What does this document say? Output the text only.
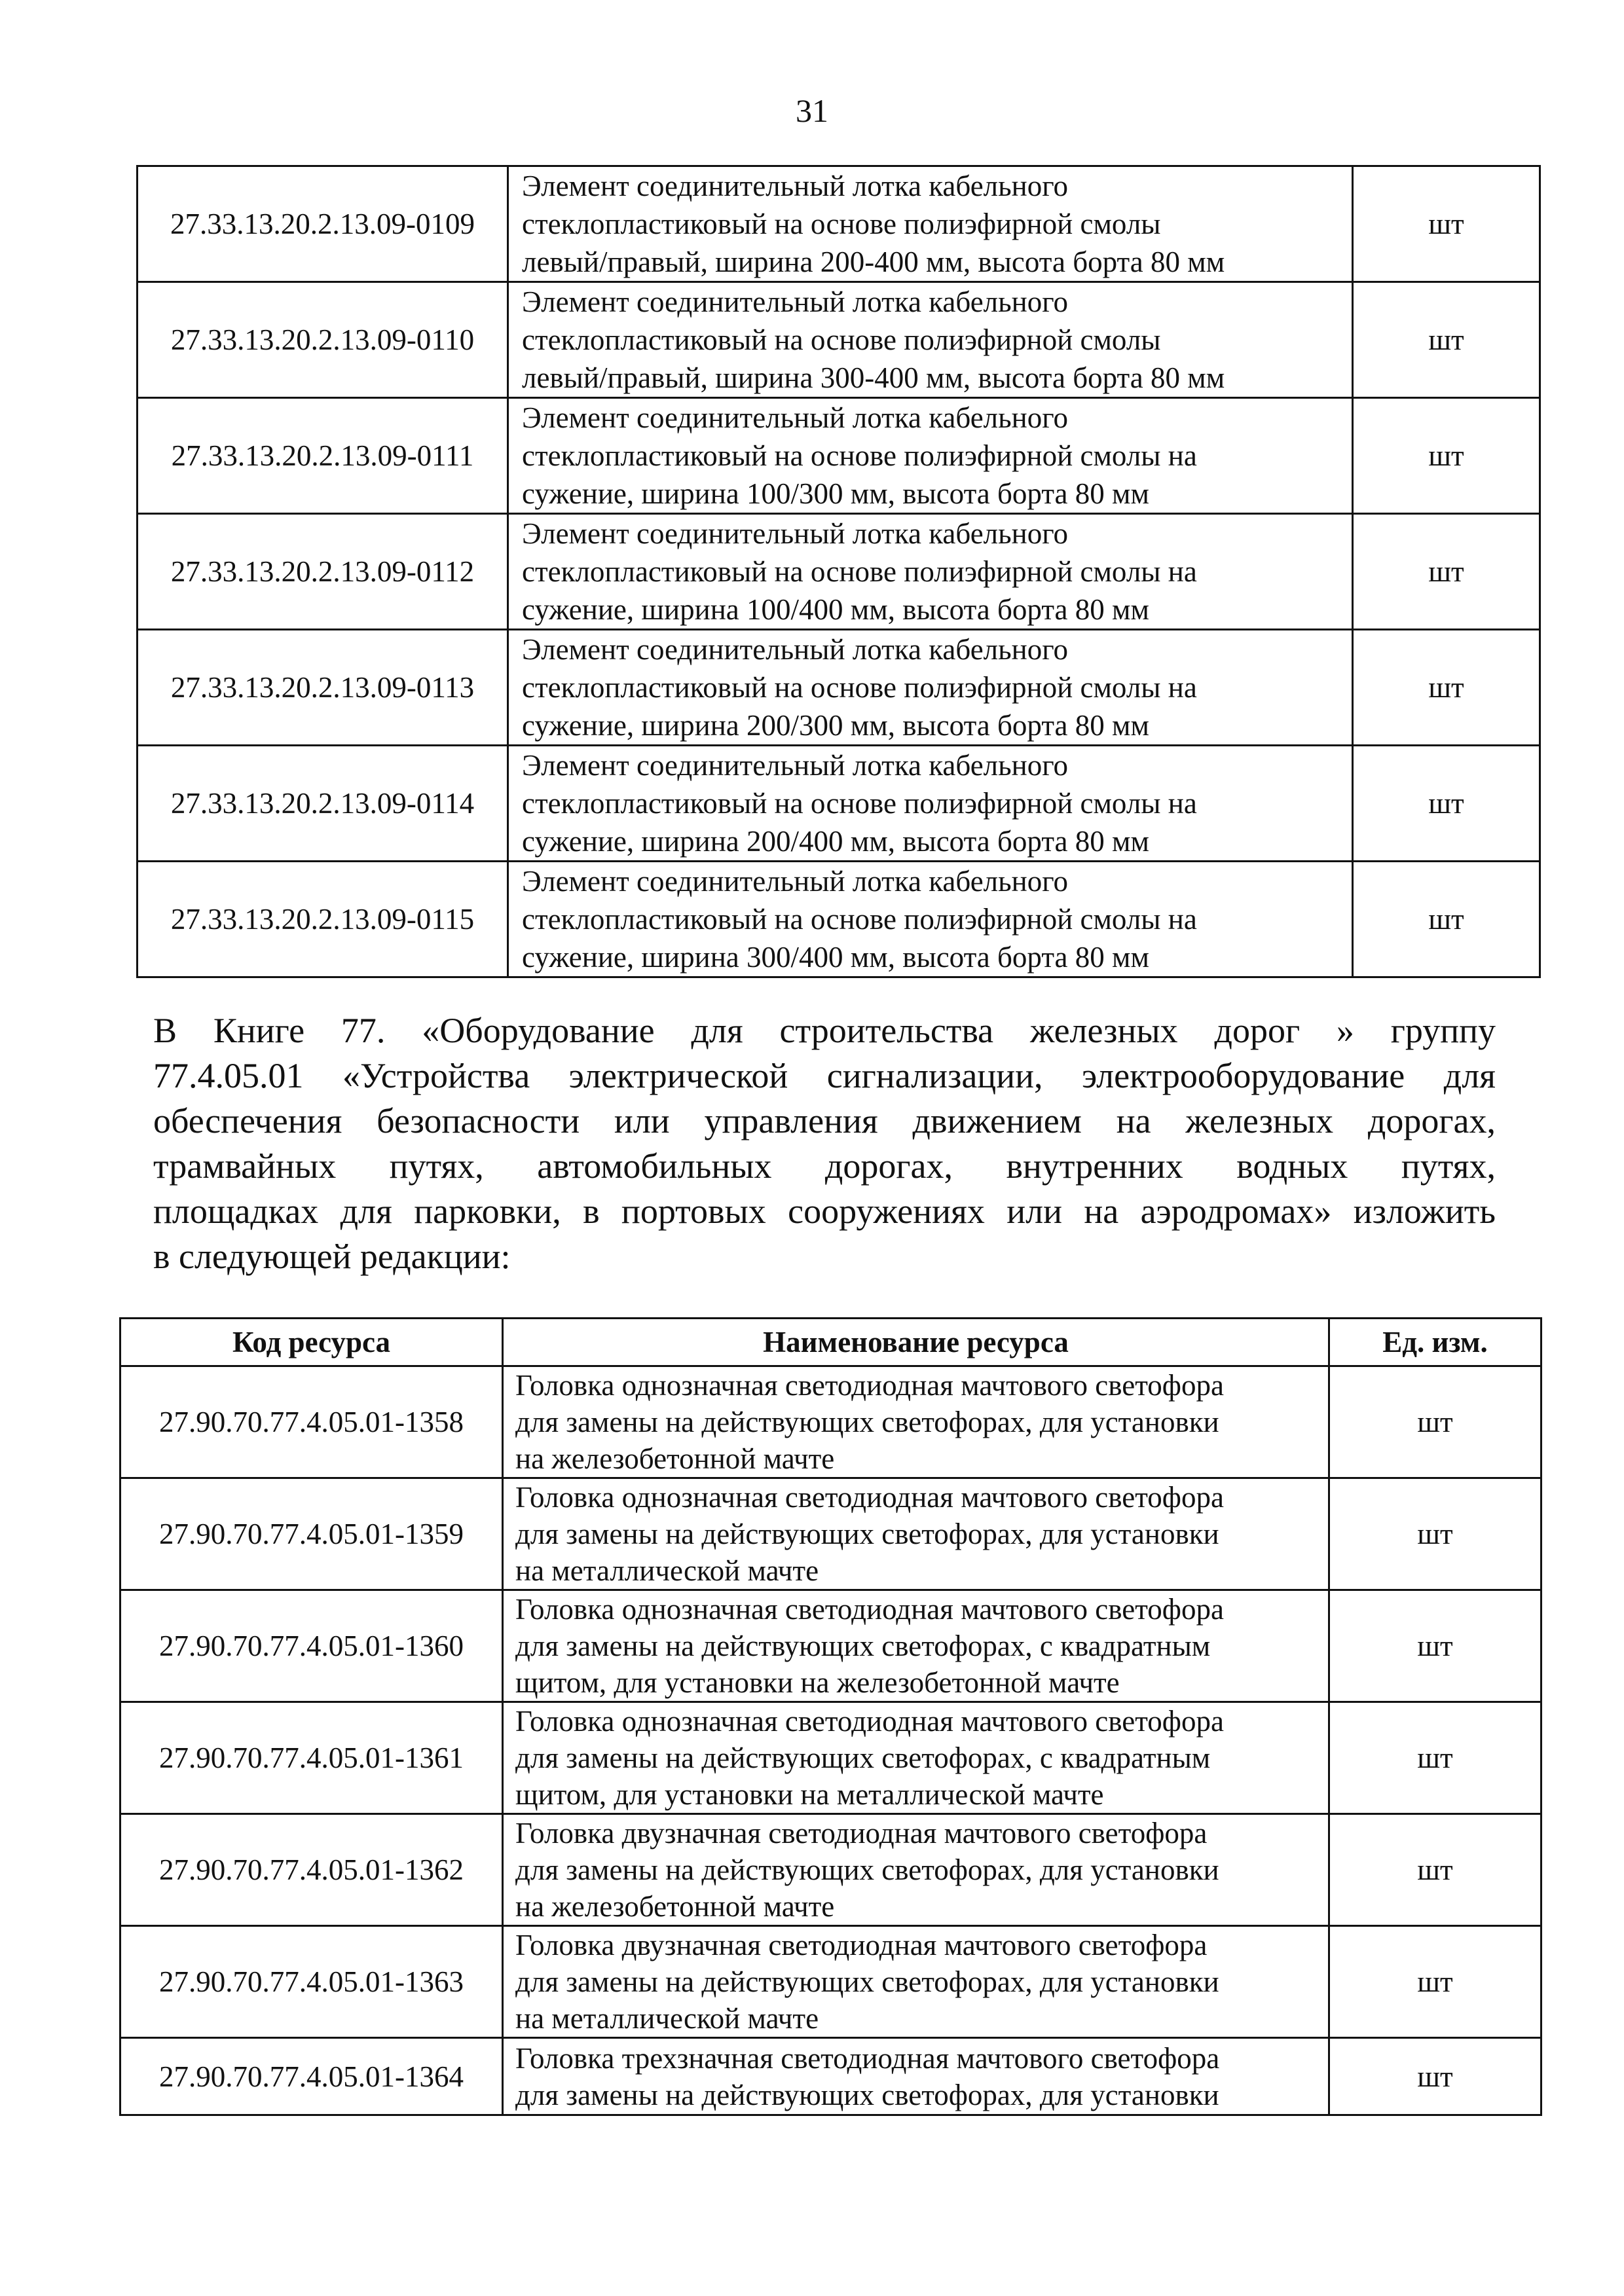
31
27.33.13.20.2.13.09-0109	Элемент соединительный лотка кабельного
стеклопластиковый на основе полиэфирной смолы
левый/правый, ширина 200-400 мм, высота борта 80 мм	шт
27.33.13.20.2.13.09-0110	Элемент соединительный лотка кабельного
стеклопластиковый на основе полиэфирной смолы
левый/правый, ширина 300-400 мм, высота борта 80 мм	шт
27.33.13.20.2.13.09-0111	Элемент соединительный лотка кабельного
стеклопластиковый на основе полиэфирной смолы на
сужение, ширина 100/300 мм, высота борта 80 мм	шт
27.33.13.20.2.13.09-0112	Элемент соединительный лотка кабельного
стеклопластиковый на основе полиэфирной смолы на
сужение, ширина 100/400 мм, высота борта 80 мм	шт
27.33.13.20.2.13.09-0113	Элемент соединительный лотка кабельного
стеклопластиковый на основе полиэфирной смолы на
сужение, ширина 200/300 мм, высота борта 80 мм	шт
27.33.13.20.2.13.09-0114	Элемент соединительный лотка кабельного
стеклопластиковый на основе полиэфирной смолы на
сужение, ширина 200/400 мм, высота борта 80 мм	шт
27.33.13.20.2.13.09-0115	Элемент соединительный лотка кабельного
стеклопластиковый на основе полиэфирной смолы на
сужение, ширина 300/400 мм, высота борта 80 мм	шт
В Книге 77. «Оборудование для строительства железных дорог » группу
77.4.05.01 «Устройства электрической сигнализации, электрооборудование для
обеспечения безопасности или управления движением на железных дорогах,
трамвайных путях, автомобильных дорогах, внутренних водных путях,
площадках для парковки, в портовых сооружениях или на аэродромах» изложить
в следующей редакции:
Код ресурса	Наименование ресурса	Ед. изм.
27.90.70.77.4.05.01-1358	Головка однозначная светодиодная мачтового светофора
для замены на действующих светофорах, для установки
на железобетонной мачте	шт
27.90.70.77.4.05.01-1359	Головка однозначная светодиодная мачтового светофора
для замены на действующих светофорах, для установки
на металлической мачте	шт
27.90.70.77.4.05.01-1360	Головка однозначная светодиодная мачтового светофора
для замены на действующих светофорах, с квадратным
щитом, для установки на железобетонной мачте	шт
27.90.70.77.4.05.01-1361	Головка однозначная светодиодная мачтового светофора
для замены на действующих светофорах, с квадратным
щитом, для установки на металлической мачте	шт
27.90.70.77.4.05.01-1362	Головка двузначная светодиодная мачтового светофора
для замены на действующих светофорах, для установки
на железобетонной мачте	шт
27.90.70.77.4.05.01-1363	Головка двузначная светодиодная мачтового светофора
для замены на действующих светофорах, для установки
на металлической мачте	шт
27.90.70.77.4.05.01-1364	Головка трехзначная светодиодная мачтового светофора
для замены на действующих светофорах, для установки	шт
